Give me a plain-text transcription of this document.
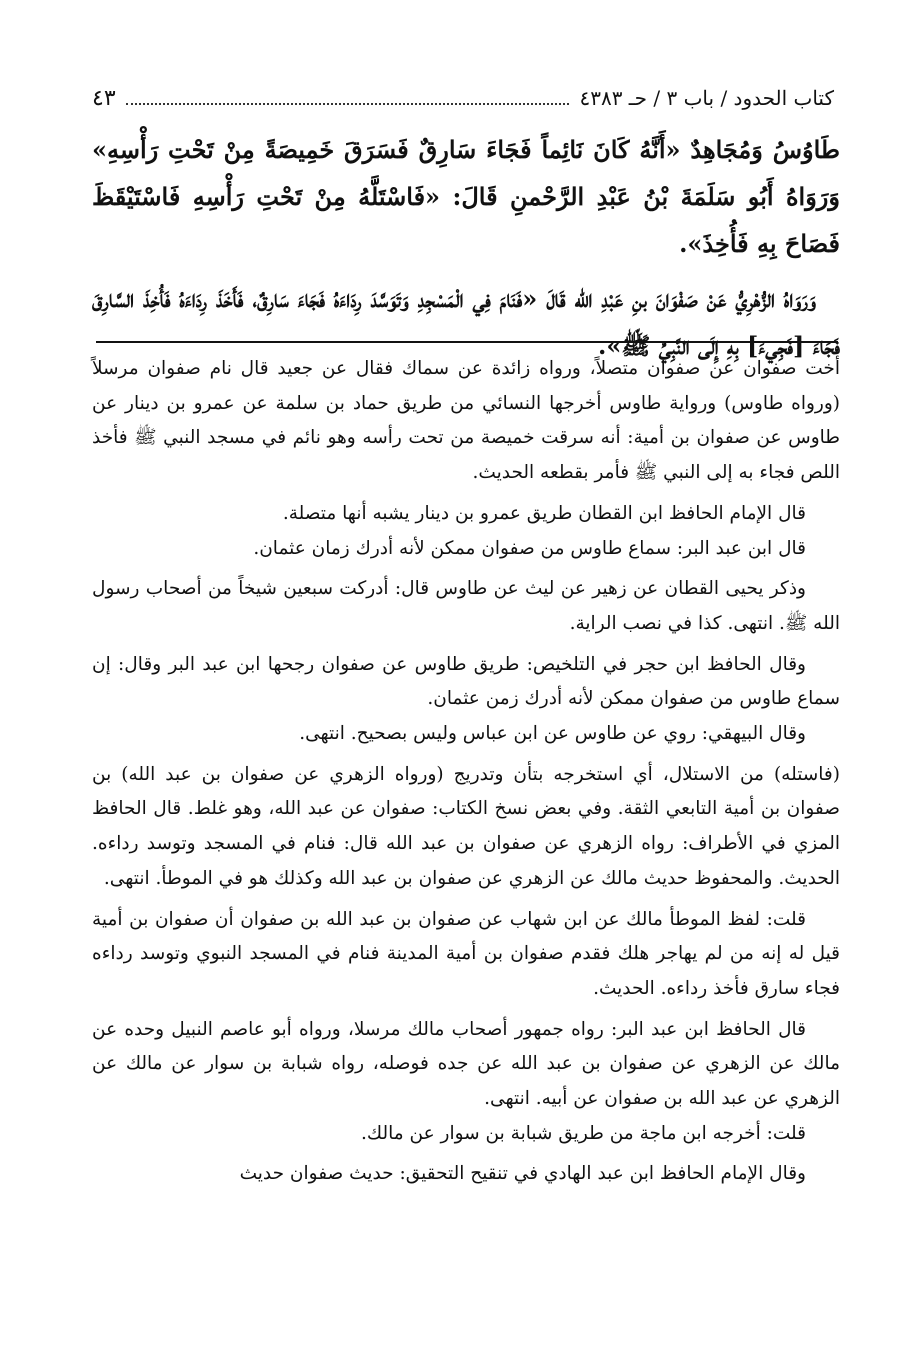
كتاب الحدود / باب ٣ / حـ ٤٣٨٣
٤٣

طَاوُسُ وَمُجَاهِدٌ «أَنَّهُ كَانَ نَائِماً فَجَاءَ سَارِقٌ فَسَرَقَ خَمِيصَةً مِنْ تَحْتِ رَأْسِهِ» وَرَوَاهُ أَبُو سَلَمَةَ بْنُ عَبْدِ الرَّحْمنِ قَالَ: «فَاسْتَلَّهُ مِنْ تَحْتِ رَأْسِهِ فَاسْتَيْقَظَ فَصَاحَ بِهِ فَأُخِذَ».

وَرَوَاهُ الزُّهْرِيُّ عَنْ صَفْوَانَ بنِ عَبْدِ الله قَالَ «فَنَامَ فِي الْمَسْجِدِ وَتَوَسَّدَ رِدَاءَهُ فَجَاءَ سَارِقٌ، فَأَخَذَ رِدَاءَهُ فَأُخِذَ السَّارِقَ فَجَاءَ [فَجِيءَ] بِهِ إِلَى النَّبِيِّ ﷺ».

أخت صفوان عن صفوان متصلاً، ورواه زائدة عن سماك فقال عن جعيد قال نام صفوان مرسلاً (ورواه طاوس) ورواية طاوس أخرجها النسائي من طريق حماد بن سلمة عن عمرو بن دينار عن طاوس عن صفوان بن أمية: أنه سرقت خميصة من تحت رأسه وهو نائم في مسجد النبي ﷺ فأخذ اللص فجاء به إلى النبي ﷺ فأمر بقطعه الحديث.

قال الإمام الحافظ ابن القطان طريق عمرو بن دينار يشبه أنها متصلة.

قال ابن عبد البر: سماع طاوس من صفوان ممكن لأنه أدرك زمان عثمان.

وذكر يحيى القطان عن زهير عن ليث عن طاوس قال: أدركت سبعين شيخاً من أصحاب رسول الله ﷺ. انتهى. كذا في نصب الراية.

وقال الحافظ ابن حجر في التلخيص: طريق طاوس عن صفوان رجحها ابن عبد البر وقال: إن سماع طاوس من صفوان ممكن لأنه أدرك زمن عثمان.

وقال البيهقي: روي عن طاوس عن ابن عباس وليس بصحيح. انتهى.

(فاستله) من الاستلال، أي استخرجه بتأن وتدريج (ورواه الزهري عن صفوان بن عبد الله) بن صفوان بن أمية التابعي الثقة. وفي بعض نسخ الكتاب: صفوان عن عبد الله، وهو غلط. قال الحافظ المزي في الأطراف: رواه الزهري عن صفوان بن عبد الله قال: فنام في المسجد وتوسد رداءه. الحديث. والمحفوظ حديث مالك عن الزهري عن صفوان بن عبد الله وكذلك هو في الموطأ. انتهى.

قلت: لفظ الموطأ مالك عن ابن شهاب عن صفوان بن عبد الله بن صفوان أن صفوان بن أمية قيل له إنه من لم يهاجر هلك فقدم صفوان بن أمية المدينة فنام في المسجد النبوي وتوسد رداءه فجاء سارق فأخذ رداءه. الحديث.

قال الحافظ ابن عبد البر: رواه جمهور أصحاب مالك مرسلا، ورواه أبو عاصم النبيل وحده عن مالك عن الزهري عن صفوان بن عبد الله عن جده فوصله، رواه شبابة بن سوار عن مالك عن الزهري عن عبد الله بن صفوان عن أبيه. انتهى.

قلت: أخرجه ابن ماجة من طريق شبابة بن سوار عن مالك.

وقال الإمام الحافظ ابن عبد الهادي في تنقيح التحقيق: حديث صفوان حديث
